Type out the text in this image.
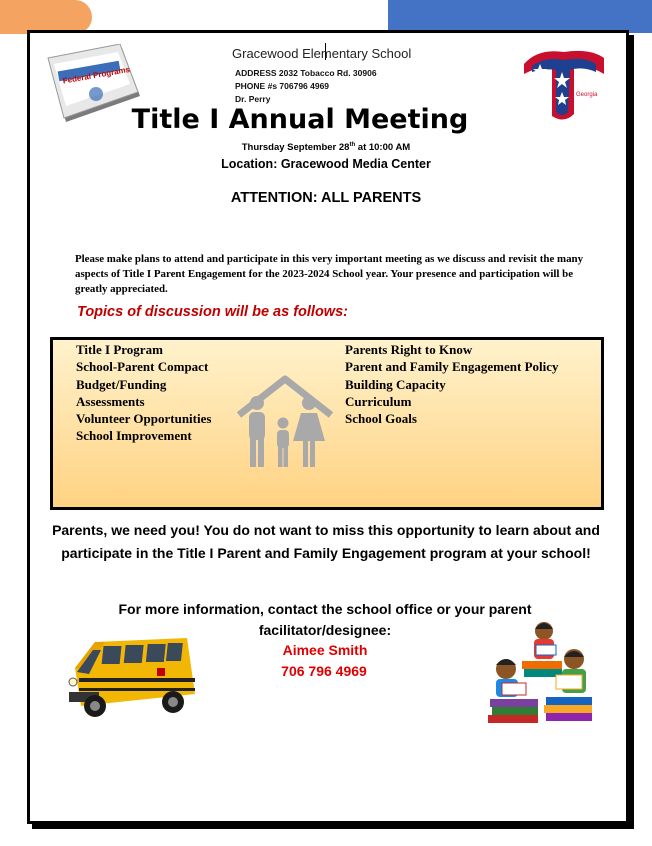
Federal Programs
Georgia
Gracewood Elementary School
ADDRESS 2032 Tobacco Rd. 30906
PHONE #s 706796 4969
Dr. Perry
Title I Annual Meeting
Thursday September 28th at 10:00 AM
Location: Gracewood Media Center
ATTENTION: ALL PARENTS
Please make plans to attend and participate in this very important meeting as we discuss and revisit the many aspects of Title I Parent Engagement for the 2023-2024 School year. Your presence and participation will be greatly appreciated.
Topics of discussion will be as follows:
Title I Program
School-Parent Compact
Budget/Funding
Assessments
Volunteer Opportunities
School Improvement
Parents Right to Know
Parent and Family Engagement Policy
Building Capacity
Curriculum
School Goals
Parents, we need you! You do not want to miss this opportunity to learn about and participate in the Title I Parent and Family Engagement program at your school!
For more information, contact the school office or your parent facilitator/designee:
Aimee Smith
706 796 4969
